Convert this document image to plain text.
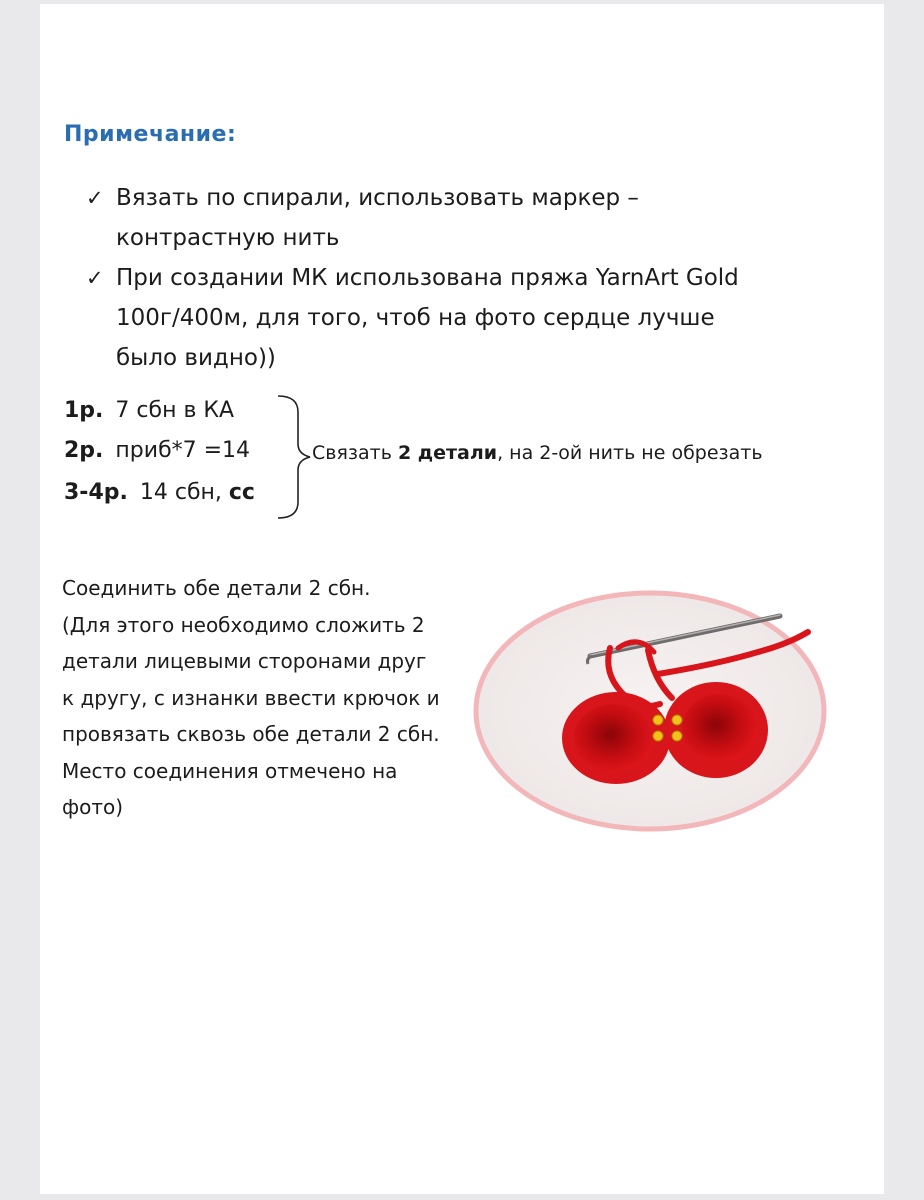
Примечание:
✓ Вязать по спирали, использовать маркер –
контрастную нить
✓ При создании МК использована пряжа YarnArt Gold
100г/400м, для того, чтоб на фото сердце лучше
было видно))
1р. 7 сбн в КА
2р. приб*7 =14
3-4р. 14 сбн, сс
Связать 2 детали, на 2-ой нить не обрезать
Соединить обе детали 2 сбн.
(Для этого необходимо сложить 2
детали лицевыми сторонами друг
к другу, с изнанки ввести крючок и
провязать сквозь обе детали 2 сбн.
Место соединения отмечено на
фото)
